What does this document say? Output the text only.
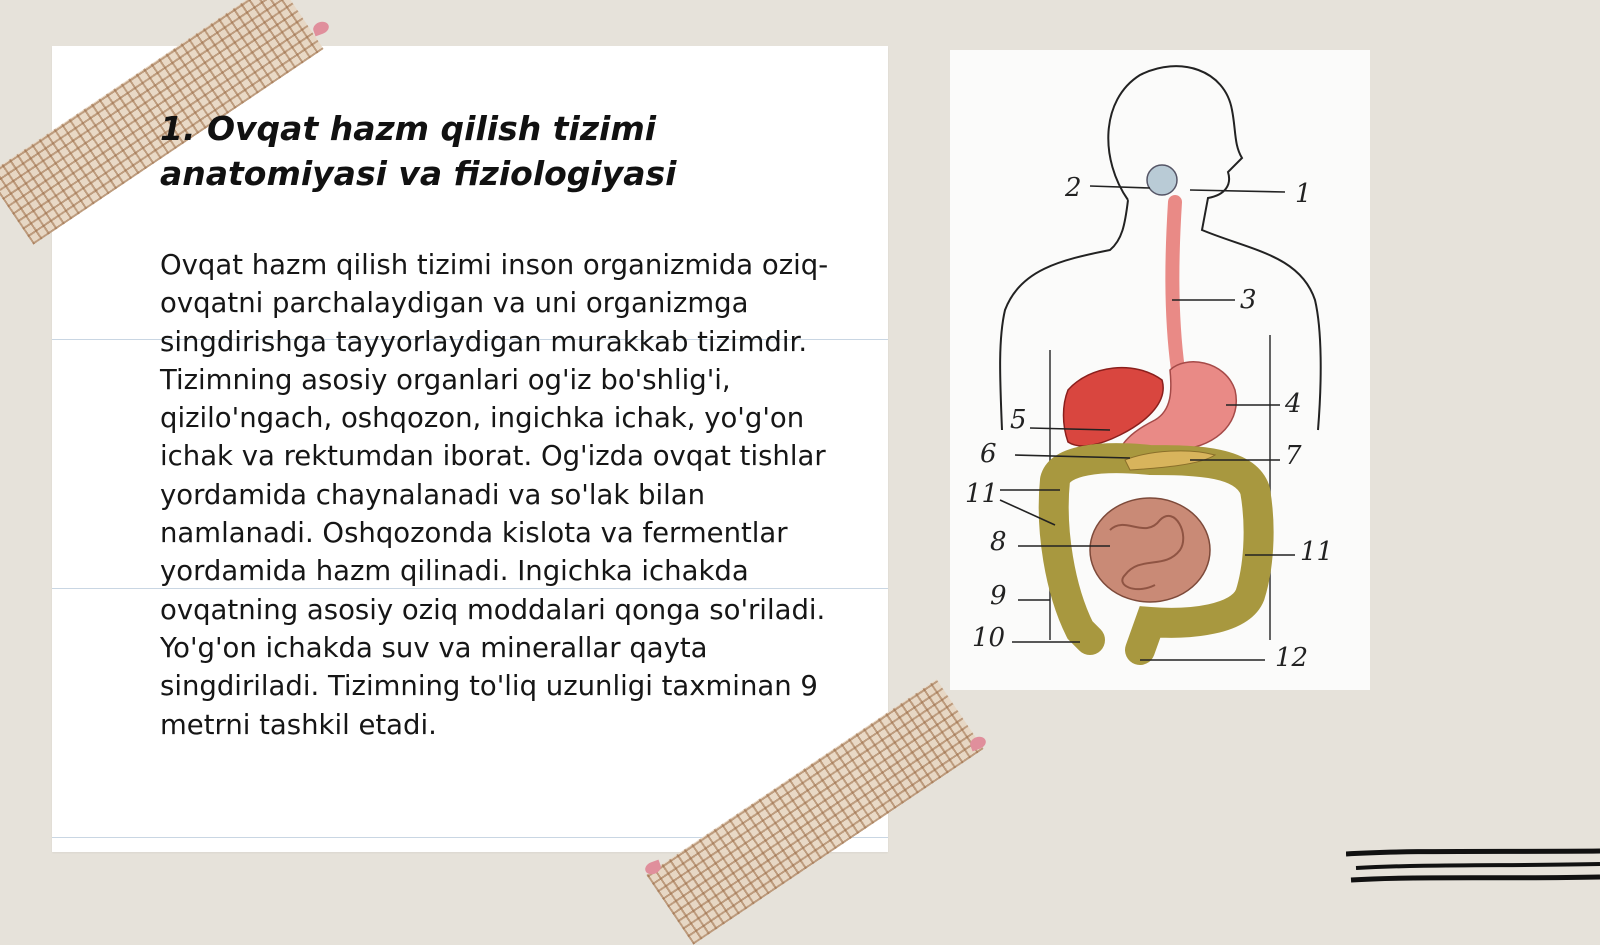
1. Ovqat hazm qilish tizimi anatomiyasi va fiziologiyasi

Ovqat hazm qilish tizimi inson organizmida oziq-ovqatni parchalaydigan va uni organizmga singdirishga tayyorlaydigan murakkab tizimdir. Tizimning asosiy organlari og'iz bo'shlig'i, qizilo'ngach, oshqozon, ingichka ichak, yo'g'on ichak va rektumdan iborat. Og'izda ovqat tishlar yordamida chaynalanadi va so'lak bilan namlanadi. Oshqozonda kislota va fermentlar yordamida hazm qilinadi. Ingichka ichakda ovqatning asosiy oziq moddalari qonga so'riladi. Yo'g'on ichakda suv va minerallar qayta singdiriladi. Tizimning to'liq uzunligi taxminan 9 metrni tashkil etadi.

1
2
3
4
5
6	7
11
8	11
9
10
12
